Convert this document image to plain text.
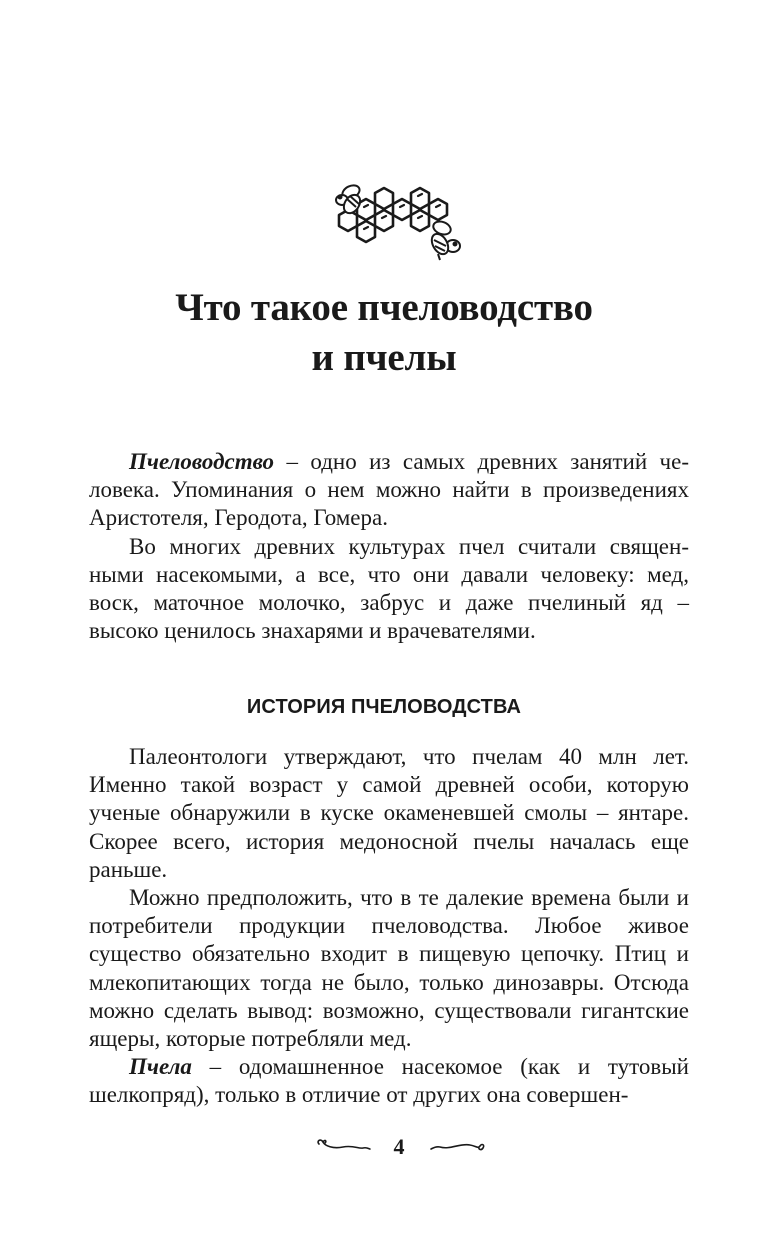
Что такое пчеловодство
и пчелы

Пчеловодство – одно из самых древних занятий человека. Упоминания о нем можно найти в произведениях Аристотеля, Геродота, Гомера.

Во многих древних культурах пчел считали священными насекомыми, а все, что они давали человеку: мед, воск, маточное молочко, забрус и даже пчелиный яд – высоко ценилось знахарями и врачевателями.

ИСТОРИЯ ПЧЕЛОВОДСТВА

Палеонтологи утверждают, что пчелам 40 млн лет. Именно такой возраст у самой древней особи, которую ученые обнаружили в куске окаменевшей смолы – янтаре. Скорее всего, история медоносной пчелы началась еще раньше.

Можно предположить, что в те далекие времена были и потребители продукции пчеловодства. Любое живое существо обязательно входит в пищевую цепочку. Птиц и млекопитающих тогда не было, только динозавры. Отсюда можно сделать вывод: возможно, существовали гигантские ящеры, которые потребляли мед.

Пчела – одомашненное насекомое (как и тутовый шелкопряд), только в отличие от других она совершен-

4
